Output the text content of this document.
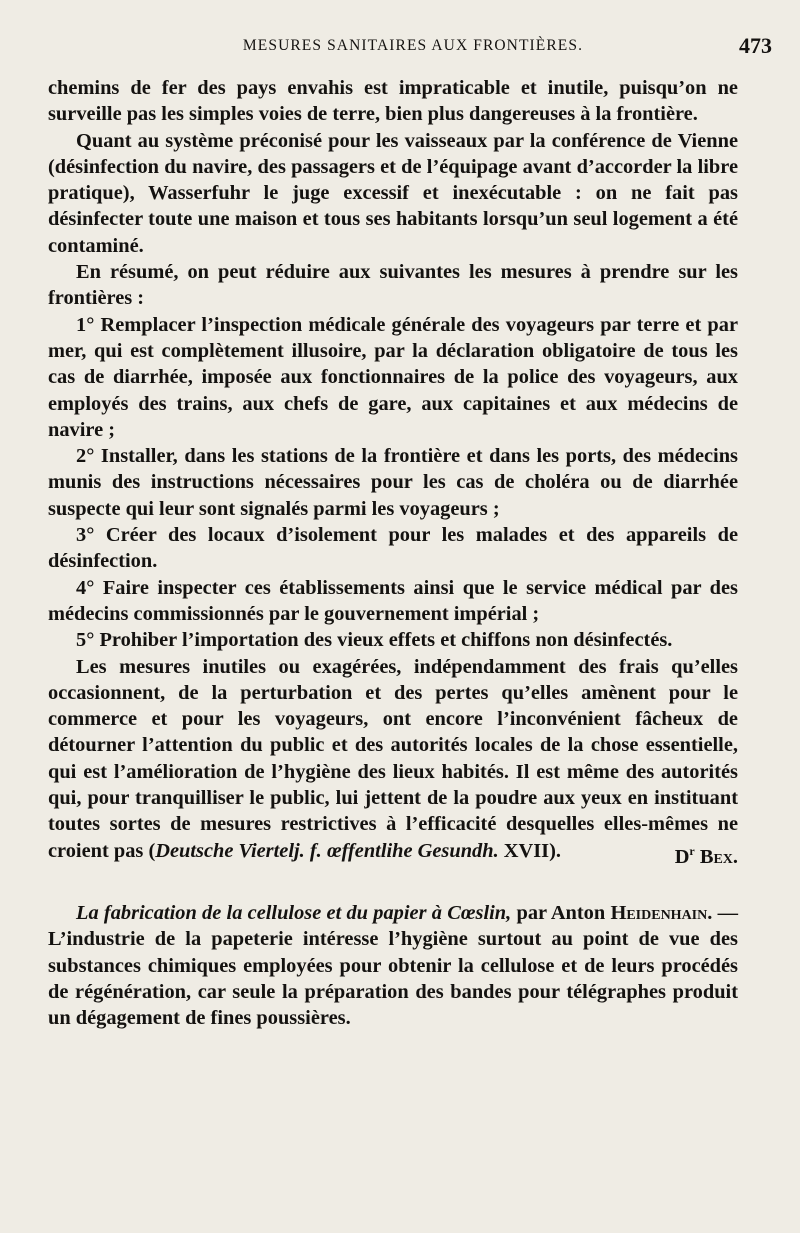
MESURES SANITAIRES AUX FRONTIÈRES.	473

chemins de fer des pays envahis est impraticable et inutile, puisqu’on ne surveille pas les simples voies de terre, bien plus dangereuses à la frontière.

Quant au système préconisé pour les vaisseaux par la conférence de Vienne (désinfection du navire, des passagers et de l’équipage avant d’accorder la libre pratique), Wasserfuhr le juge excessif et inexécutable : on ne fait pas désinfecter toute une maison et tous ses habitants lorsqu’un seul logement a été contaminé.

En résumé, on peut réduire aux suivantes les mesures à prendre sur les frontières :

1° Remplacer l’inspection médicale générale des voyageurs par terre et par mer, qui est complètement illusoire, par la déclaration obligatoire de tous les cas de diarrhée, imposée aux fonctionnaires de la police des voyageurs, aux employés des trains, aux chefs de gare, aux capitaines et aux médecins de navire ;

2° Installer, dans les stations de la frontière et dans les ports, des médecins munis des instructions nécessaires pour les cas de choléra ou de diarrhée suspecte qui leur sont signalés parmi les voyageurs ;

3° Créer des locaux d’isolement pour les malades et des appareils de désinfection.

4° Faire inspecter ces établissements ainsi que le service médical par des médecins commissionnés par le gouvernement impérial ;

5° Prohiber l’importation des vieux effets et chiffons non désinfectés.

Les mesures inutiles ou exagérées, indépendamment des frais qu’elles occasionnent, de la perturbation et des pertes qu’elles amènent pour le commerce et pour les voyageurs, ont encore l’inconvénient fâcheux de détourner l’attention du public et des autorités locales de la chose essentielle, qui est l’amélioration de l’hygiène des lieux habités. Il est même des autorités qui, pour tranquilliser le public, lui jettent de la poudre aux yeux en instituant toutes sortes de mesures restrictives à l’efficacité desquelles elles-mêmes ne croient pas (Deutsche Viertelj. f. œffentlihe Gesundh. XVII).	$D^r$ Bex.

La fabrication de la cellulose et du papier à Cœslin, par Anton Heidenhain. — L’industrie de la papeterie intéresse l’hygiène surtout au point de vue des substances chimiques employées pour obtenir la cellulose et de leurs procédés de régénération, car seule la préparation des bandes pour télégraphes produit un dégagement de fines poussières.
